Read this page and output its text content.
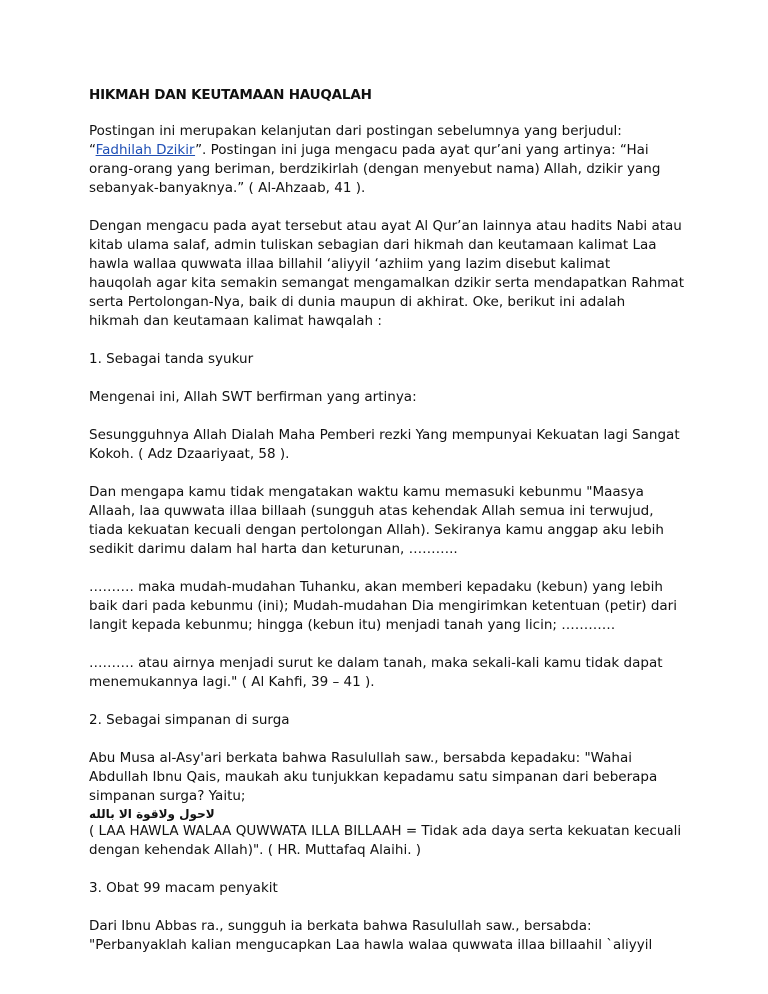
HIKMAH DAN KEUTAMAAN HAUQALAH

Postingan ini merupakan kelanjutan dari postingan sebelumnya yang berjudul:
“Fadhilah Dzikir”. Postingan ini juga mengacu pada ayat qur’ani yang artinya: “Hai
orang-orang yang beriman, berdzikirlah (dengan menyebut nama) Allah, dzikir yang
sebanyak-banyaknya.” ( Al-Ahzaab, 41 ).

Dengan mengacu pada ayat tersebut atau ayat Al Qur’an lainnya atau hadits Nabi atau
kitab ulama salaf, admin tuliskan sebagian dari hikmah dan keutamaan kalimat Laa
hawla wallaa quwwata illaa billahil ‘aliyyil ‘azhiim yang lazim disebut kalimat
hauqolah agar kita semakin semangat mengamalkan dzikir serta mendapatkan Rahmat
serta Pertolongan-Nya, baik di dunia maupun di akhirat. Oke, berikut ini adalah
hikmah dan keutamaan kalimat hawqalah :

1. Sebagai tanda syukur

Mengenai ini, Allah SWT berfirman yang artinya:

Sesungguhnya Allah Dialah Maha Pemberi rezki Yang mempunyai Kekuatan lagi Sangat
Kokoh. ( Adz Dzaariyaat, 58 ).

Dan mengapa kamu tidak mengatakan waktu kamu memasuki kebunmu "Maasya
Allaah, laa quwwata illaa billaah (sungguh atas kehendak Allah semua ini terwujud,
tiada kekuatan kecuali dengan pertolongan Allah). Sekiranya kamu anggap aku lebih
sedikit darimu dalam hal harta dan keturunan, ………..

………. maka mudah-mudahan Tuhanku, akan memberi kepadaku (kebun) yang lebih
baik dari pada kebunmu (ini); Mudah-mudahan Dia mengirimkan ketentuan (petir) dari
langit kepada kebunmu; hingga (kebun itu) menjadi tanah yang licin; …………

………. atau airnya menjadi surut ke dalam tanah, maka sekali-kali kamu tidak dapat
menemukannya lagi." ( Al Kahfi, 39 – 41 ).

2. Sebagai simpanan di surga

Abu Musa al-Asy'ari berkata bahwa Rasulullah saw., bersabda kepadaku: "Wahai
Abdullah Ibnu Qais, maukah aku tunjukkan kepadamu satu simpanan dari beberapa
simpanan surga? Yaitu;

لاحول ولاقوة الا بالله

( LAA HAWLA WALAA QUWWATA ILLA BILLAAH = Tidak ada daya serta kekuatan kecuali
dengan kehendak Allah)". ( HR. Muttafaq Alaihi. )

3. Obat 99 macam penyakit

Dari Ibnu Abbas ra., sungguh ia berkata bahwa Rasulullah saw., bersabda:
"Perbanyaklah kalian mengucapkan Laa hawla walaa quwwata illaa billaahil `aliyyil
